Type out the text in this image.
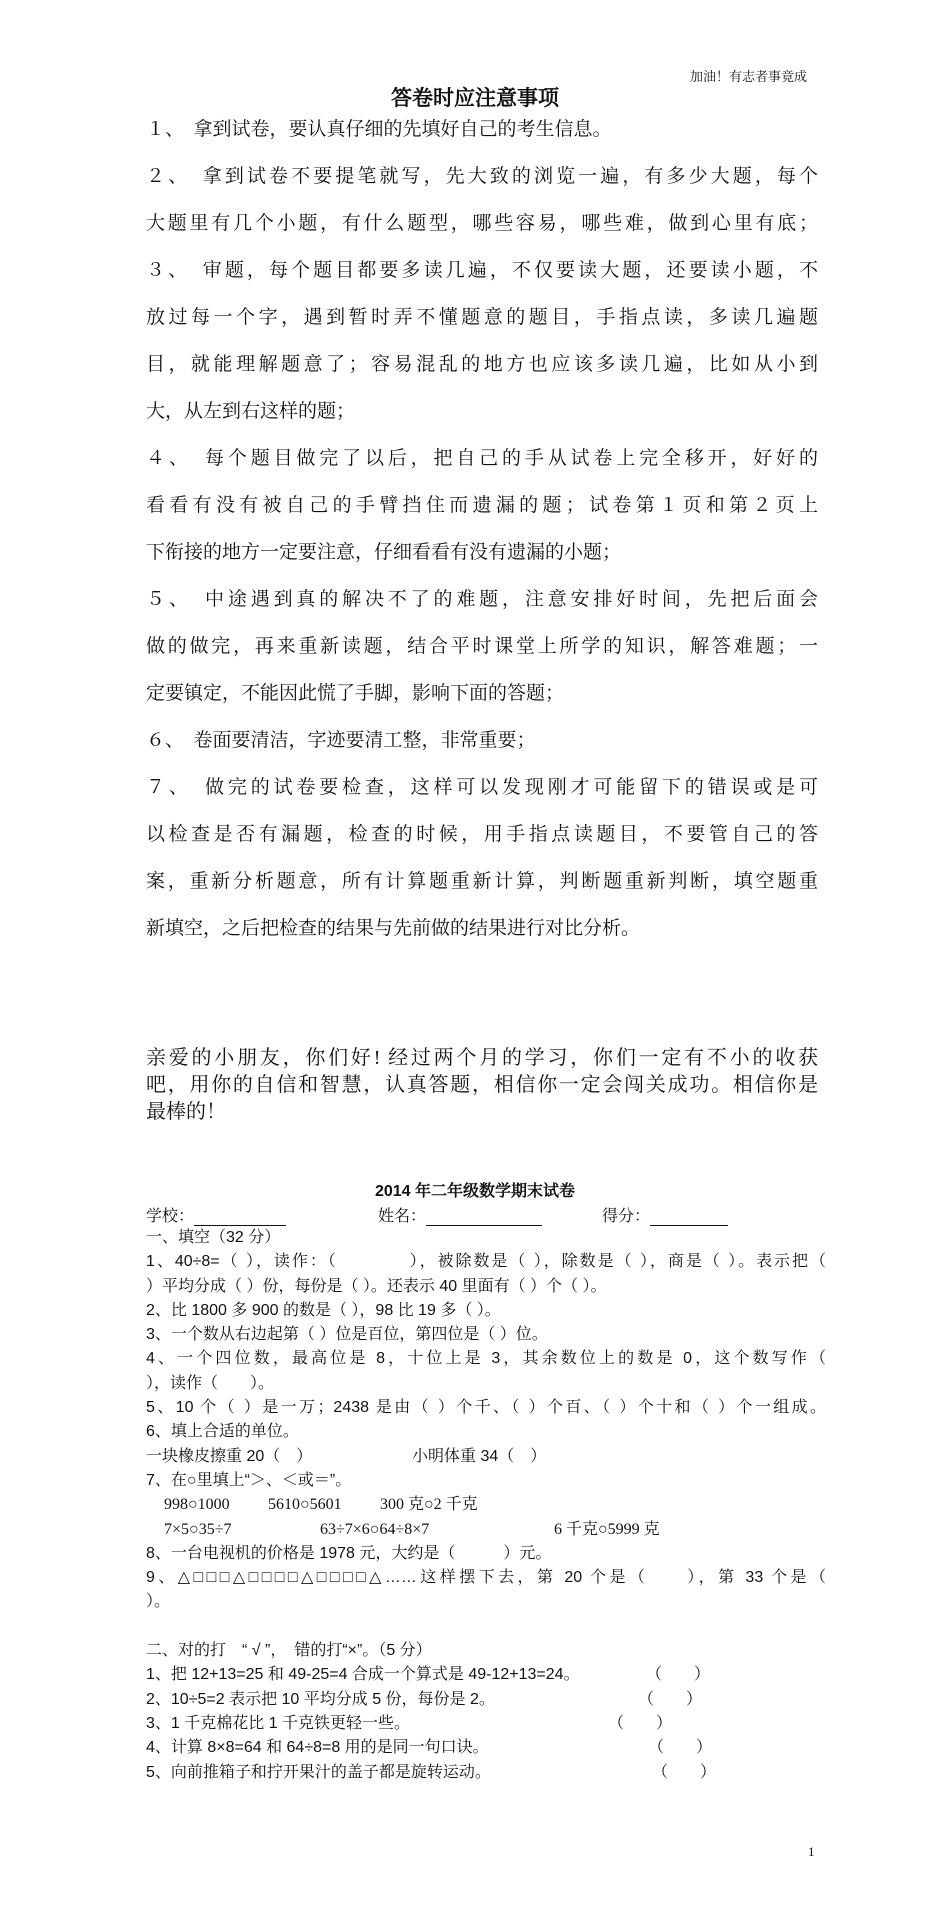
加油！有志者事竟成
答卷时应注意事项
１、　拿到试卷，要认真仔细的先填好自己的考生信息。
２、　拿到试卷不要提笔就写，先大致的浏览一遍，有多少大题，每个
大题里有几个小题，有什么题型，哪些容易，哪些难，做到心里有底；
３、　审题，每个题目都要多读几遍，不仅要读大题，还要读小题，不
放过每一个字，遇到暂时弄不懂题意的题目，手指点读，多读几遍题
目，就能理解题意了；容易混乱的地方也应该多读几遍，比如从小到
大，从左到右这样的题；
４、　每个题目做完了以后，把自己的手从试卷上完全移开，好好的
看看有没有被自己的手臂挡住而遗漏的题；试卷第１页和第２页上
下衔接的地方一定要注意，仔细看看有没有遗漏的小题；
５、　中途遇到真的解决不了的难题，注意安排好时间，先把后面会
做的做完，再来重新读题，结合平时课堂上所学的知识，解答难题；一
定要镇定，不能因此慌了手脚，影响下面的答题；
６、　卷面要清洁，字迹要清工整，非常重要；
７、　做完的试卷要检查，这样可以发现刚才可能留下的错误或是可
以检查是否有漏题，检查的时候，用手指点读题目，不要管自己的答
案，重新分析题意，所有计算题重新计算，判断题重新判断，填空题重
新填空，之后把检查的结果与先前做的结果进行对比分析。
亲爱的小朋友，你们好! 经过两个月的学习，你们一定有不小的收获
吧，用你的自信和智慧，认真答题，相信你一定会闯关成功。相信你是
最棒的！
2014 年二年级数学期末试卷
学校：	姓名：	得分：
一、填空（32 分）
1、40÷8=（ ），读作：（　　　　），被除数是（ ），除数是（ ），商是（ ）。表示把（
）平均分成（ ）份，每份是（ ）。还表示 40 里面有（ ）个（ ）。
2、比 1800 多 900 的数是（ ），98 比 19 多（ ）。
3、一个数从右边起第（ ）位是百位，第四位是（ ）位。
4、一个四位数，最高位是 8，十位上是 3，其余数位上的数是 0，这个数写作（
），读作（　　）。
5、10 个（ ）是一万；2438 是由（ ）个千、（ ）个百、（ ）个十和（ ）个一组成。
6、填上合适的单位。
一块橡皮擦重 20（　）	小明体重 34（　）
7、在○里填上“＞、＜或＝”。
998○1000 5610○5601 300 克○2 千克
7×5○35÷7	63÷7×6○64÷8×7	6 千克○5999 克
8、一台电视机的价格是 1978 元，大约是（　　　）元。
9、△□□□△□□□□△□□□□△……这样摆下去，第 20 个是（　　），第 33 个是（
）。
二、对的打　“ √ ”，　错的打“×”。（5 分）
1、把 12+13=25 和 49-25=4 合成一个算式是 49-12+13=24。	（　　）
2、10÷5=2 表示把 10 平均分成 5 份，每份是 2。	（　　）
3、1 千克棉花比 1 千克铁更轻一些。	（　　）
4、计算 8×8=64 和 64÷8=8 用的是同一句口诀。	（　　）
5、向前推箱子和拧开果汁的盖子都是旋转运动。	（　　）
1
